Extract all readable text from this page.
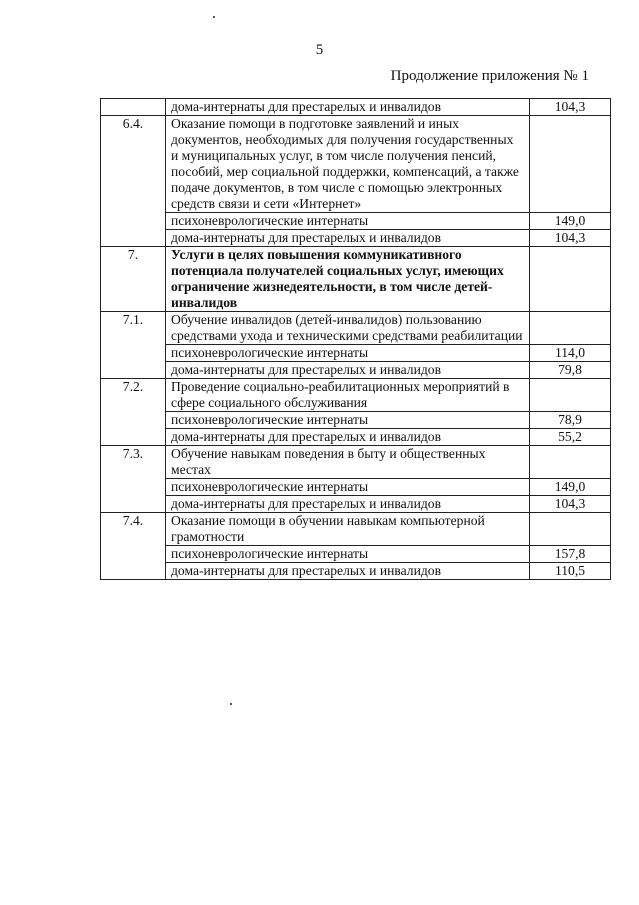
5
Продолжение приложения № 1
	дома-интернаты для престарелых и инвалидов	104,3
6.4.	Оказание помощи в подготовке заявлений и иных документов, необходимых для получения государственных и муниципальных услуг, в том числе получения пенсий, пособий, мер социальной поддержки, компенсаций, а также подаче документов, в том числе с помощью электронных средств связи и сети «Интернет»	
	психоневрологические интернаты	149,0
	дома-интернаты для престарелых и инвалидов	104,3
7.	Услуги в целях повышения коммуникативного потенциала получателей социальных услуг, имеющих ограничение жизнедеятельности, в том числе детей-инвалидов	
7.1.	Обучение инвалидов (детей-инвалидов) пользованию средствами ухода и техническими средствами реабилитации	
	психоневрологические интернаты	114,0
	дома-интернаты для престарелых и инвалидов	79,8
7.2.	Проведение социально-реабилитационных мероприятий в сфере социального обслуживания	
	психоневрологические интернаты	78,9
	дома-интернаты для престарелых и инвалидов	55,2
7.3.	Обучение навыкам поведения в быту и общественных местах	
	психоневрологические интернаты	149,0
	дома-интернаты для престарелых и инвалидов	104,3
7.4.	Оказание помощи в обучении навыкам компьютерной грамотности	
	психоневрологические интернаты	157,8
	дома-интернаты для престарелых и инвалидов	110,5
